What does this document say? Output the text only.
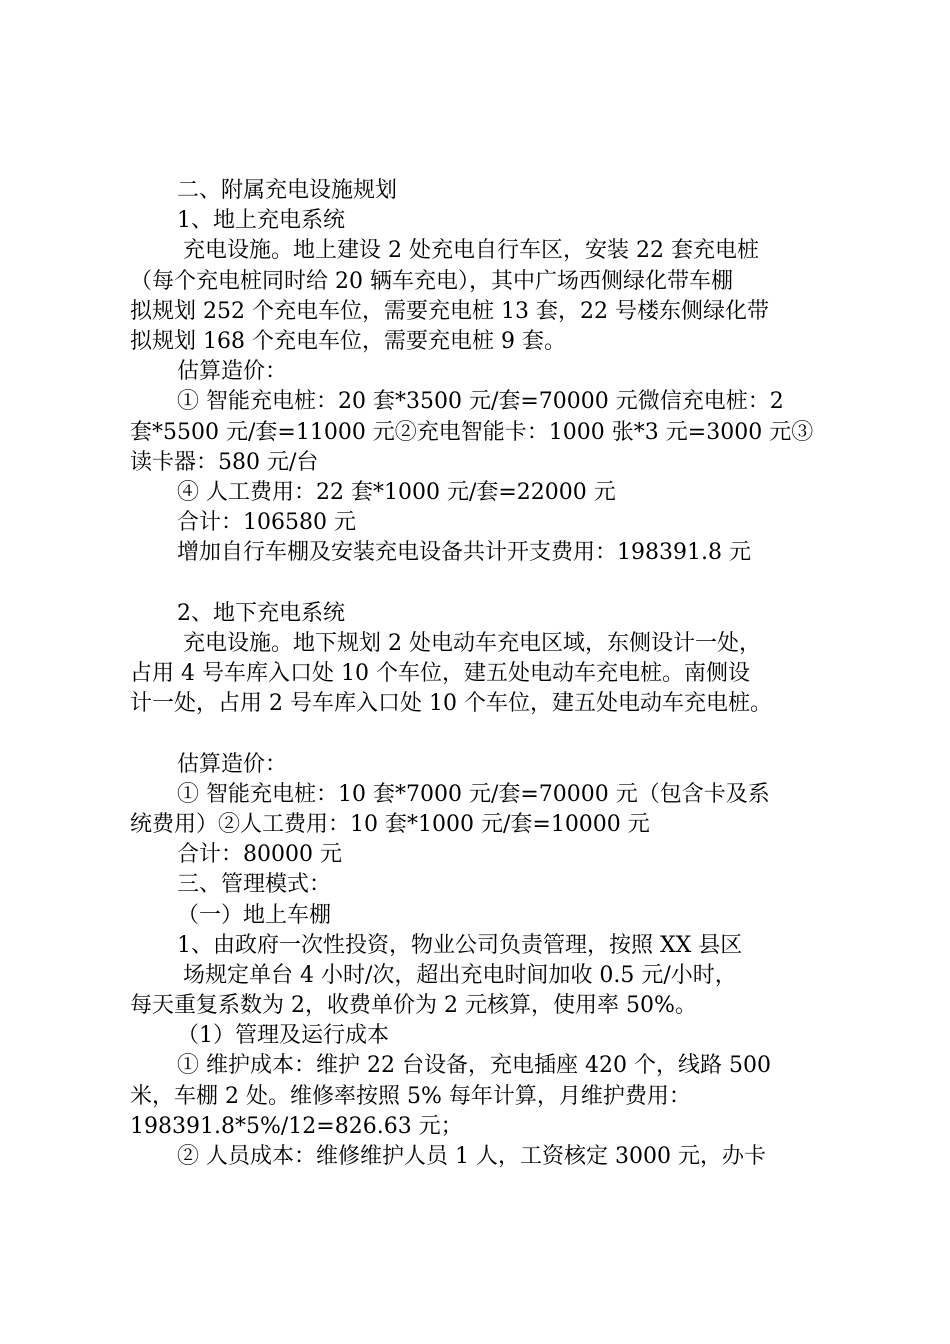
二、附属充电设施规划
1、地上充电系统
充电设施。地上建设 2 处充电自行车区，安装 22 套充电桩
（每个充电桩同时给 20 辆车充电），其中广场西侧绿化带车棚
拟规划 252 个充电车位，需要充电桩 13 套，22 号楼东侧绿化带
拟规划 168 个充电车位，需要充电桩 9 套。
估算造价：
① 智能充电桩：20 套*3500 元/套=70000 元微信充电桩：2
套*5500 元/套=11000 元②充电智能卡：1000 张*3 元=3000 元③
读卡器：580 元/台
④ 人工费用：22 套*1000 元/套=22000 元
合计：106580 元
增加自行车棚及安装充电设备共计开支费用：198391.8 元
2、地下充电系统
充电设施。地下规划 2 处电动车充电区域，东侧设计一处，
占用 4 号车库入口处 10 个车位，建五处电动车充电桩。南侧设
计一处，占用 2 号车库入口处 10 个车位，建五处电动车充电桩。
估算造价：
① 智能充电桩：10 套*7000 元/套=70000 元（包含卡及系
统费用）②人工费用：10 套*1000 元/套=10000 元
合计：80000 元
三、管理模式：
（一）地上车棚
1、由政府一次性投资，物业公司负责管理，按照 XX 县区
场规定单台 4 小时/次，超出充电时间加收 0.5 元/小时，
每天重复系数为 2，收费单价为 2 元核算，使用率 50%。
（1）管理及运行成本
① 维护成本：维护 22 台设备，充电插座 420 个，线路 500
米，车棚 2 处。维修率按照 5% 每年计算，月维护费用：
198391.8*5%/12=826.63 元；
② 人员成本：维修维护人员 1 人，工资核定 3000 元，办卡
